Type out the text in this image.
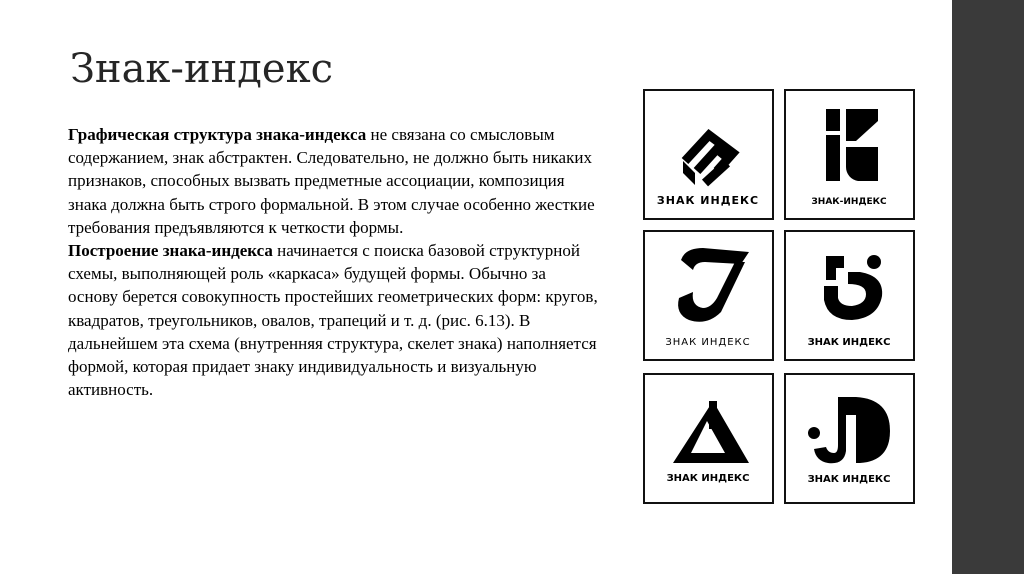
Знак-индекс
Графическая структура знака-индекса не связана со смысловым содержанием, знак абстрактен. Следовательно, не должно быть никаких признаков, способных вызвать предметные ассоциации, композиция знака должна быть строго формальной. В этом случае особенно жесткие требования предъявляются к четкости формы.
Построение знака-индекса начинается с поиска базовой структурной схемы, выполняющей роль «каркаса» будущей формы. Обычно за основу берется совокупность простейших геометрических форм: кругов, квадратов, треугольников, овалов, трапеций и т. д. (рис. 6.13). В дальнейшем эта схема (внутренняя структура, скелет знака) наполняется формой, которая придает знаку индивидуальность и визуальную активность.
ЗНАК ИНДЕКС	ЗНАК-ИНДЕКС
ЗНАК ИНДЕКС	ЗНАК ИНДЕКС
ЗНАК ИНДЕКС	ЗНАК ИНДЕКС
